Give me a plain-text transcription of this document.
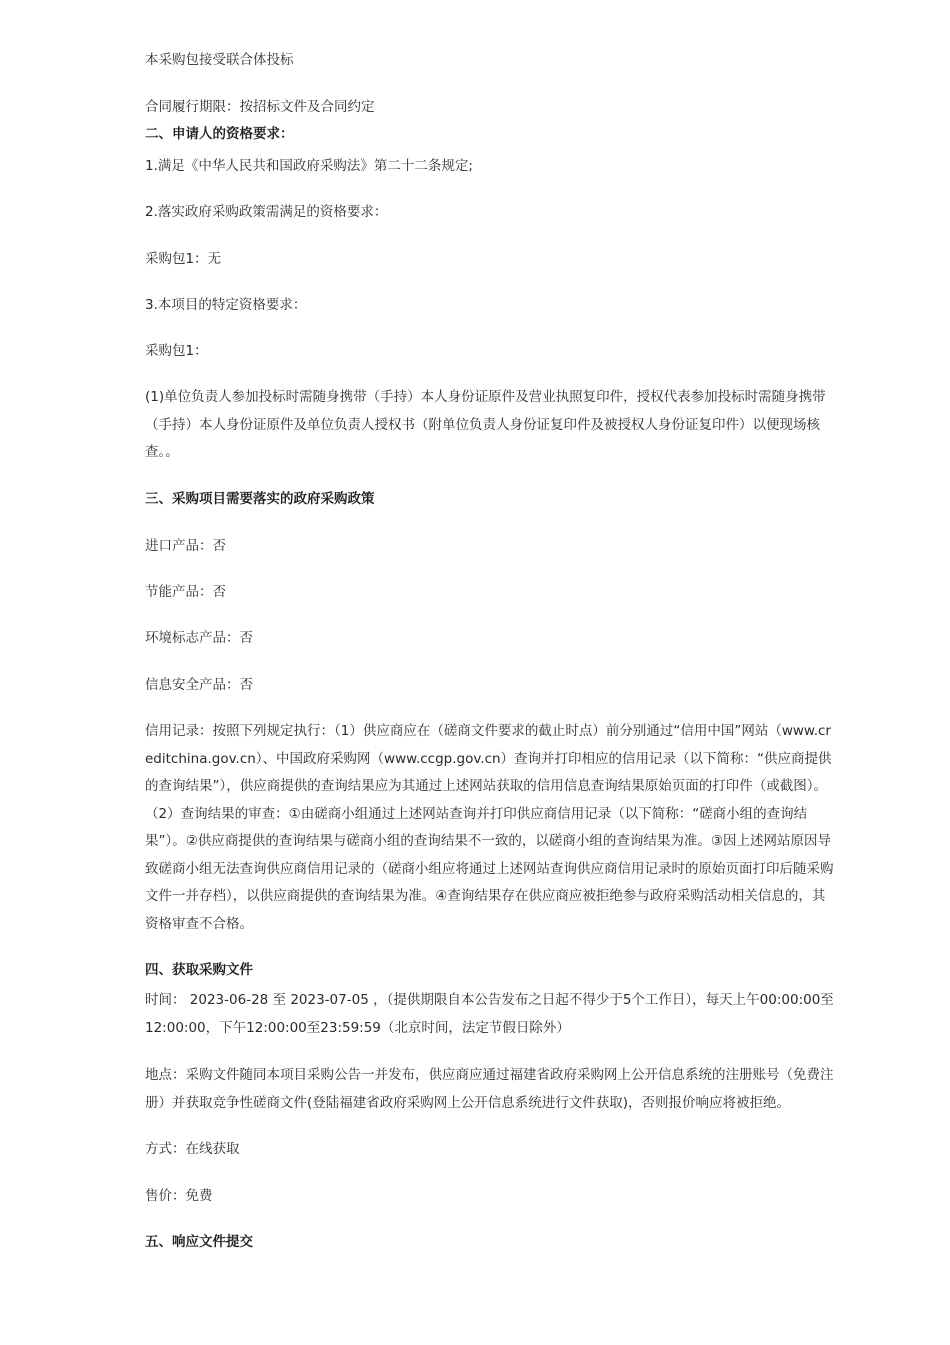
本采购包接受联合体投标
合同履行期限：按招标文件及合同约定
二、申请人的资格要求：
1.满足《中华人民共和国政府采购法》第二十二条规定;
2.落实政府采购政策需满足的资格要求：
采购包1：无
3.本项目的特定资格要求：
采购包1：
(1)单位负责人参加投标时需随身携带（手持）本人身份证原件及营业执照复印件，授权代表参加投标时需随身携带（手持）本人身份证原件及单位负责人授权书（附单位负责人身份证复印件及被授权人身份证复印件）以便现场核查。。
三、采购项目需要落实的政府采购政策
进口产品：否
节能产品：否
环境标志产品：否
信息安全产品：否
信用记录：按照下列规定执行：（1）供应商应在（磋商文件要求的截止时点）前分别通过“信用中国”网站（www.creditchina.gov.cn）、中国政府采购网（www.ccgp.gov.cn）查询并打印相应的信用记录（以下简称：“供应商提供的查询结果”），供应商提供的查询结果应为其通过上述网站获取的信用信息查询结果原始页面的打印件（或截图）。（2）查询结果的审查：①由磋商小组通过上述网站查询并打印供应商信用记录（以下简称：“磋商小组的查询结果”）。②供应商提供的查询结果与磋商小组的查询结果不一致的，以磋商小组的查询结果为准。③因上述网站原因导致磋商小组无法查询供应商信用记录的（磋商小组应将通过上述网站查询供应商信用记录时的原始页面打印后随采购文件一并存档），以供应商提供的查询结果为准。④查询结果存在供应商应被拒绝参与政府采购活动相关信息的，其资格审查不合格。
四、获取采购文件
时间： 2023-06-28 至 2023-07-05 ，（提供期限自本公告发布之日起不得少于5个工作日），每天上午00:00:00至12:00:00，下午12:00:00至23:59:59（北京时间，法定节假日除外）
地点：采购文件随同本项目采购公告一并发布，供应商应通过福建省政府采购网上公开信息系统的注册账号（免费注册）并获取竞争性磋商文件(登陆福建省政府采购网上公开信息系统进行文件获取)，否则报价响应将被拒绝。
方式：在线获取
售价：免费
五、响应文件提交
